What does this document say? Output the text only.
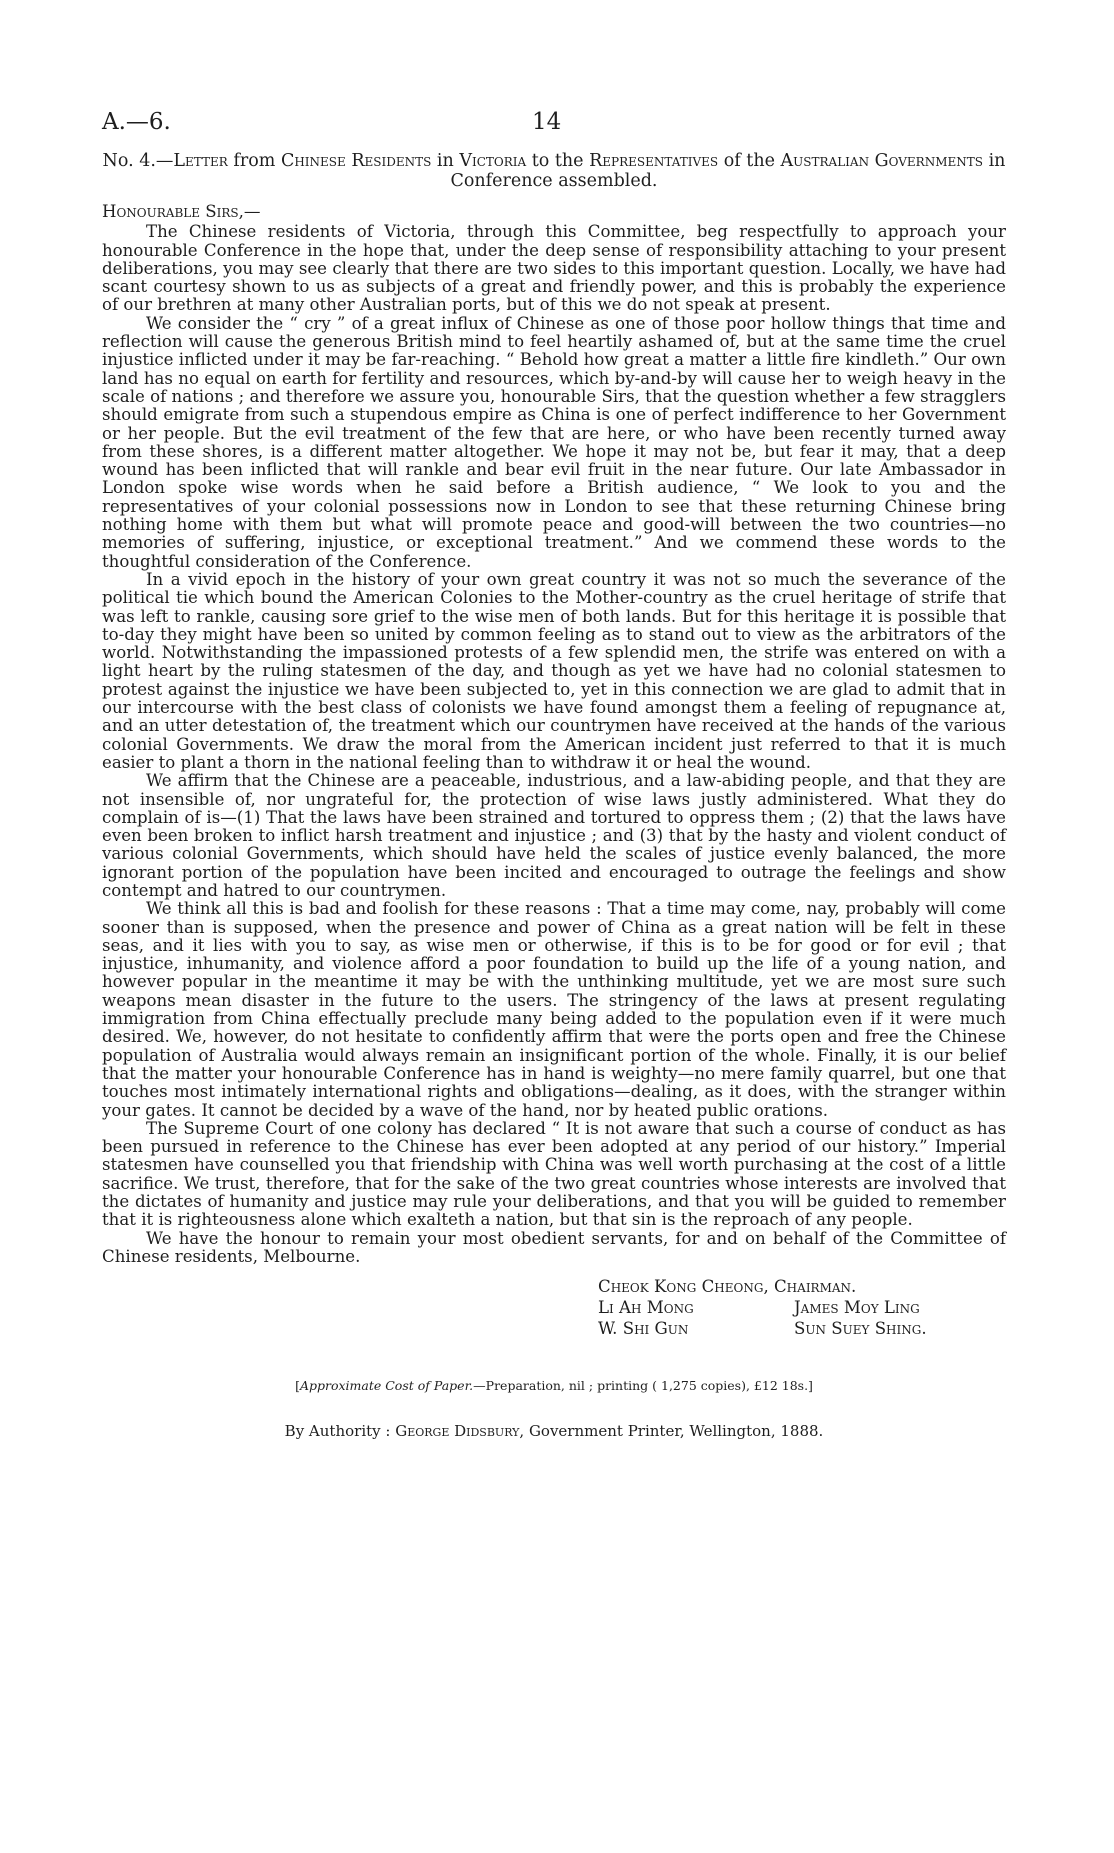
A.—6.	14
No. 4.—Letter from Chinese Residents in Victoria to the Representatives of the Australian Governments in Conference assembled.
Honourable Sirs,—

The Chinese residents of Victoria, through this Committee, beg respectfully to approach your honourable Conference in the hope that, under the deep sense of responsibility attaching to your present deliberations, you may see clearly that there are two sides to this important question. Locally, we have had scant courtesy shown to us as subjects of a great and friendly power, and this is probably the experience of our brethren at many other Australian ports, but of this we do not speak at present.

We consider the “ cry ” of a great influx of Chinese as one of those poor hollow things that time and reflection will cause the generous British mind to feel heartily ashamed of, but at the same time the cruel injustice inflicted under it may be far-reaching. “ Behold how great a matter a little fire kindleth.” Our own land has no equal on earth for fertility and resources, which by-and-by will cause her to weigh heavy in the scale of nations ; and therefore we assure you, honourable Sirs, that the question whether a few stragglers should emigrate from such a stupendous empire as China is one of perfect indifference to her Government or her people. But the evil treatment of the few that are here, or who have been recently turned away from these shores, is a different matter altogether. We hope it may not be, but fear it may, that a deep wound has been inflicted that will rankle and bear evil fruit in the near future. Our late Ambassador in London spoke wise words when he said before a British audience, “ We look to you and the representatives of your colonial possessions now in London to see that these returning Chinese bring nothing home with them but what will promote peace and good-will between the two countries—no memories of suffering, injustice, or exceptional treatment.” And we commend these words to the thoughtful consideration of the Conference.

In a vivid epoch in the history of your own great country it was not so much the severance of the political tie which bound the American Colonies to the Mother-country as the cruel heritage of strife that was left to rankle, causing sore grief to the wise men of both lands. But for this heritage it is possible that to-day they might have been so united by common feeling as to stand out to view as the arbitrators of the world. Notwithstanding the impassioned protests of a few splendid men, the strife was entered on with a light heart by the ruling statesmen of the day, and though as yet we have had no colonial statesmen to protest against the injustice we have been subjected to, yet in this connection we are glad to admit that in our intercourse with the best class of colonists we have found amongst them a feeling of repugnance at, and an utter detestation of, the treatment which our countrymen have received at the hands of the various colonial Governments. We draw the moral from the American incident just referred to that it is much easier to plant a thorn in the national feeling than to withdraw it or heal the wound.

We affirm that the Chinese are a peaceable, industrious, and a law-abiding people, and that they are not insensible of, nor ungrateful for, the protection of wise laws justly administered. What they do complain of is—(1) That the laws have been strained and tortured to oppress them ; (2) that the laws have even been broken to inflict harsh treatment and injustice ; and (3) that by the hasty and violent conduct of various colonial Governments, which should have held the scales of justice evenly balanced, the more ignorant portion of the population have been incited and encouraged to outrage the feelings and show contempt and hatred to our countrymen.

We think all this is bad and foolish for these reasons : That a time may come, nay, probably will come sooner than is supposed, when the presence and power of China as a great nation will be felt in these seas, and it lies with you to say, as wise men or otherwise, if this is to be for good or for evil ; that injustice, inhumanity, and violence afford a poor foundation to build up the life of a young nation, and however popular in the meantime it may be with the unthinking multitude, yet we are most sure such weapons mean disaster in the future to the users. The stringency of the laws at present regulating immigration from China effectually preclude many being added to the population even if it were much desired. We, however, do not hesitate to confidently affirm that were the ports open and free the Chinese population of Australia would always remain an insignificant portion of the whole. Finally, it is our belief that the matter your honourable Conference has in hand is weighty—no mere family quarrel, but one that touches most intimately international rights and obligations—dealing, as it does, with the stranger within your gates. It cannot be decided by a wave of the hand, nor by heated public orations.

The Supreme Court of one colony has declared “ It is not aware that such a course of conduct as has been pursued in reference to the Chinese has ever been adopted at any period of our history.” Imperial statesmen have counselled you that friendship with China was well worth purchasing at the cost of a little sacrifice. We trust, therefore, that for the sake of the two great countries whose interests are involved that the dictates of humanity and justice may rule your deliberations, and that you will be guided to remember that it is righteousness alone which exalteth a nation, but that sin is the reproach of any people.

We have the honour to remain your most obedient servants, for and on behalf of the Committee of Chinese residents, Melbourne.

Cheok Kong Cheong, Chairman.
Li Ah Mong	James Moy Ling
W. Shi Gun	Sun Suey Shing.
[Approximate Cost of Paper.—Preparation, nil ; printing ( 1,275 copies), £12 18s.]
By Authority : George Didsbury, Government Printer, Wellington, 1888.
